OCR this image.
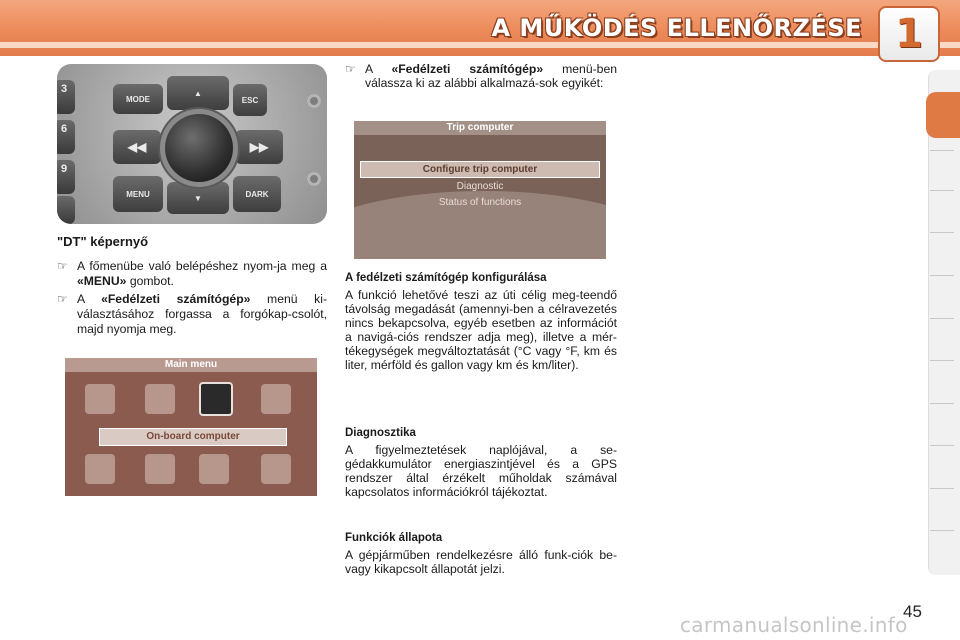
A MŰKÖDÉS ELLENŐRZÉSE 1
3
6
9
MODE
▲
ESC
◀◀	▶▶
MENU	▼	DARK
"DT" képernyő
☞ A főmenübe való belépéshez nyom-ja meg a «MENU» gombot.
☞ A «Fedélzeti számítógép» menü ki-választásához forgassa a forgókap-csolót, majd nyomja meg.
Main menu
On-board computer
☞ A «Fedélzeti számítógép» menü-ben válassza ki az alábbi alkalmazá-sok egyikét:
Trip computer
Configure trip computer
Diagnostic
Status of functions
A fedélzeti számítógép konfigurálása

A funkció lehetővé teszi az úti célig meg-teendő távolság megadását (amennyi-ben a célravezetés nincs bekapcsolva, egyéb esetben az információt a navigá-ciós rendszer adja meg), illetve a mér-tékegységek megváltoztatását (°C vagy °F, km és liter, mérföld és gallon vagy km és km/liter).

Diagnosztika

A figyelmeztetések naplójával, a se-gédakkumulátor energiaszintjével és a GPS rendszer által érzékelt műholdak számával kapcsolatos információkról tájékoztat.

Funkciók állapota

A gépjárműben rendelkezésre álló funk-ciók be- vagy kikapcsolt állapotát jelzi.

45
carmanualsonline.info
